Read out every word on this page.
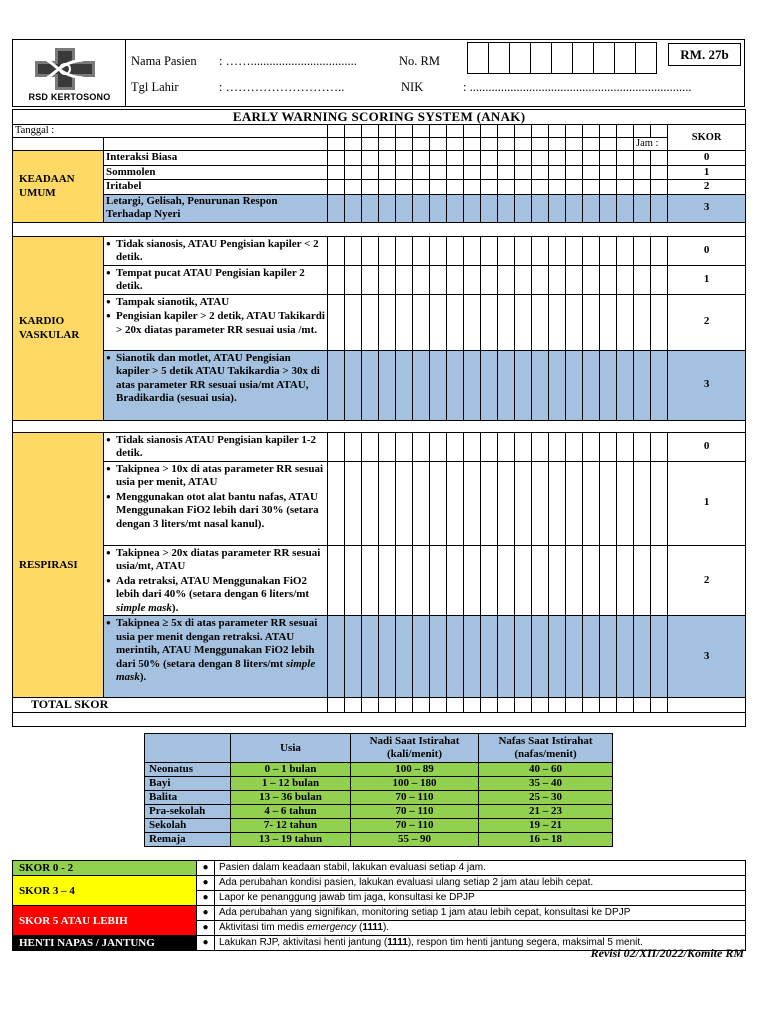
RSD KERTOSONO
Nama Pasien : ……..................................	No. RM	RM. 27b
Tgl Lahir	: ………………………..	NIK	: .......................................................................
EARLY WARNING SCORING SYSTEM (ANAK)																						
Tanggal :																						SKOR
																				Jam :		
KEADAAN
UMUM	Interaksi Biasa																					0
	Sommolen																					1
	Iritabel																					2
	Letargi, Gelisah, Penurunan Respon
Terhadap Nyeri																					3

KARDIO
VASKULAR	● Tidak sianosis, ATAU Pengisian kapiler < 2 detik.																					0

	● Tempat pucat ATAU Pengisian kapiler 2 detik.																					1

	● Tampak sianotik, ATAU
● Pengisian kapiler > 2 detik, ATAU Takikardi > 20x diatas parameter RR sesuai usia /mt.																					2

	● Sianotik dan motlet, ATAU Pengisian kapiler > 5 detik ATAU Takikardia > 30x di atas parameter RR sesuai usia/mt ATAU, Bradikardia (sesuai usia).																					3

RESPIRASI	● Tidak sianosis ATAU Pengisian kapiler 1-2 detik.																					0

	● Takipnea > 10x di atas parameter RR sesuai usia per menit, ATAU
● Menggunakan otot alat bantu nafas, ATAU Menggunakan FiO2 lebih dari 30% (setara dengan 3 liters/mt nasal kanul).																					1

	● Takipnea > 20x diatas parameter RR sesuai usia/mt, ATAU
● Ada retraksi, ATAU Menggunakan FiO2 lebih dari 40% (setara dengan 6 liters/mt simple mask).																					2

	● Takipnea ≥ 5x di atas parameter RR sesuai usia per menit dengan retraksi. ATAU merintih, ATAU Menggunakan FiO2 lebih dari 50% (setara dengan 8 liters/mt simple mask).																					3
TOTAL SKOR																						

	Usia	Nadi Saat Istirahat (kali/menit)	Nafas Saat Istirahat (nafas/menit)
Neonatus	0 – 1 bulan	100 – 89	40 – 60
Bayi	1 – 12 bulan	100 – 180	35 – 40
Balita	13 – 36 bulan	70 – 110	25 – 30
Pra-sekolah	4 – 6 tahun	70 – 110	21 – 23
Sekolah	7- 12 tahun	70 – 110	19 – 21
Remaja	13 – 19 tahun	55 – 90	16 – 18
SKOR 0 - 2	●	Pasien dalam keadaan stabil, lakukan evaluasi setiap 4 jam.
SKOR 3 – 4	●	Ada perubahan kondisi pasien, lakukan evaluasi ulang setiap 2 jam atau lebih cepat.
	●	Lapor ke penanggung jawab tim jaga, konsultasi ke DPJP
SKOR 5 ATAU LEBIH	●	Ada perubahan yang signifikan, monitoring setiap 1 jam atau lebih cepat, konsultasi ke DPJP
	●	Aktivitasi tim medis emergency (1111).
HENTI NAPAS / JANTUNG	●	Lakukan RJP, aktivitasi henti jantung (1111), respon tim henti jantung segera, maksimal 5 menit.
Revisi 02/XII/2022/Komite RM
